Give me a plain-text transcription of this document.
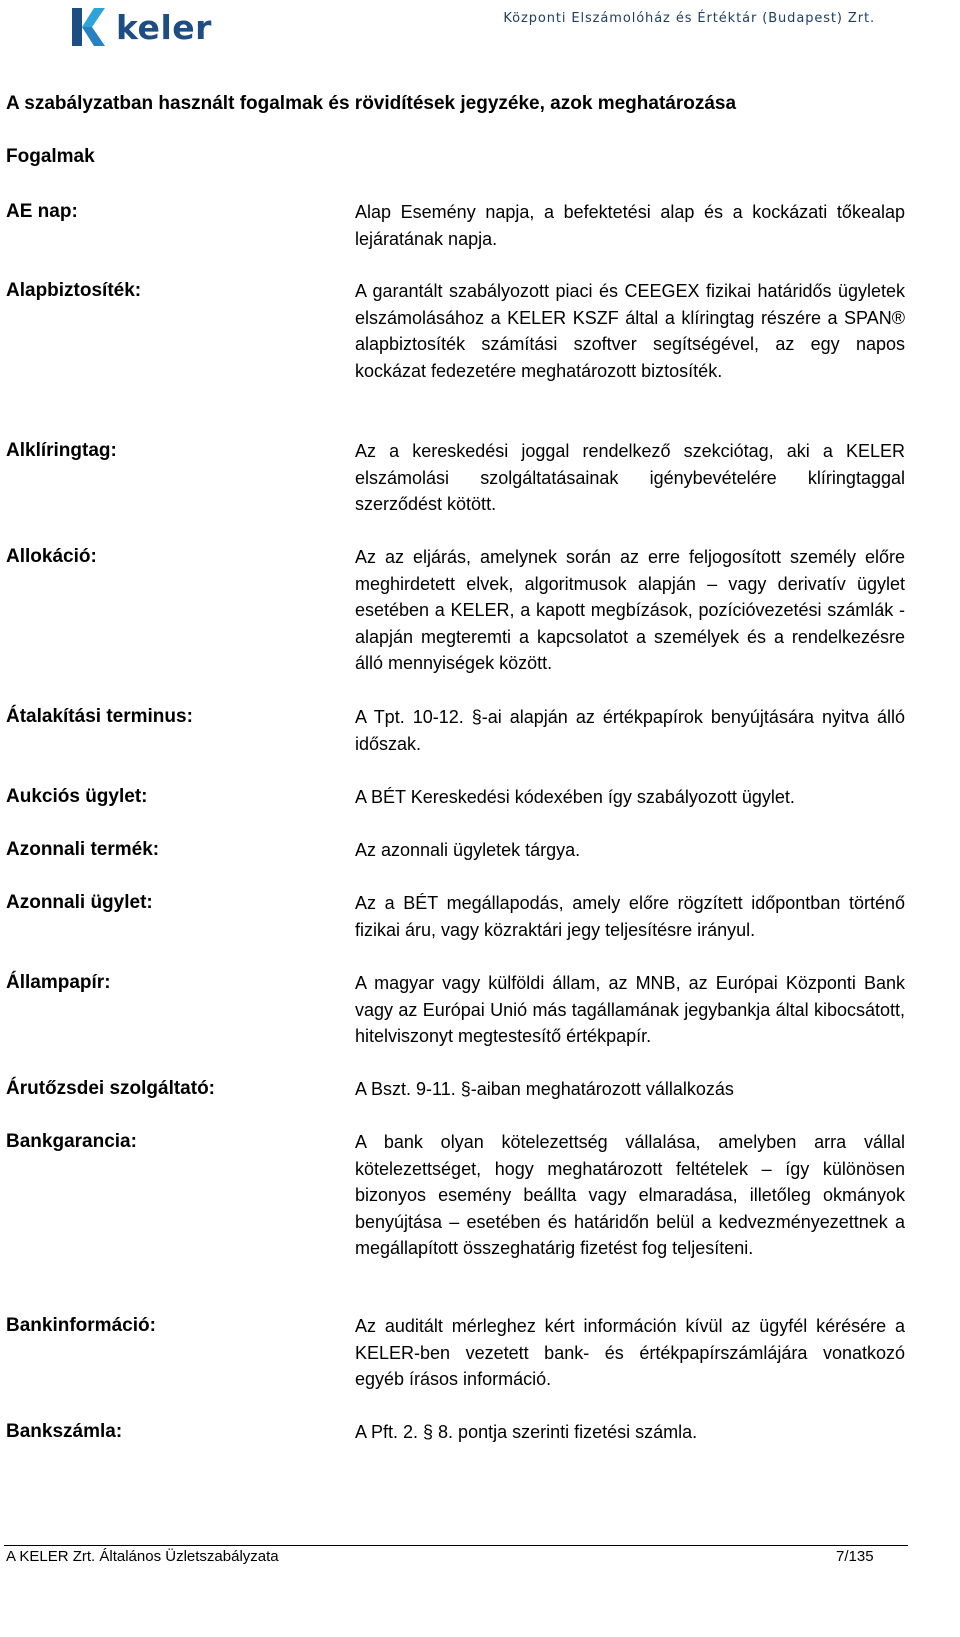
keler	Központi Elszámolóház és Értéktár (Budapest) Zrt.
A szabályzatban használt fogalmak és rövidítések jegyzéke, azok meghatározása
Fogalmak
AE nap:	Alap Esemény napja, a befektetési alap és a kockázati tőkealap lejáratának napja.
Alapbiztosíték:	A garantált szabályozott piaci és CEEGEX fizikai határidős ügyletek elszámolásához a KELER KSZF által a klíringtag részére a SPAN® alapbiztosíték számítási szoftver segítségével, az egy napos kockázat fedezetére meghatározott biztosíték.
Alklíringtag:	Az a kereskedési joggal rendelkező szekciótag, aki a KELER elszámolási szolgáltatásainak igénybevételére klíringtaggal szerződést kötött.
Allokáció:	Az az eljárás, amelynek során az erre feljogosított személy előre meghirdetett elvek, algoritmusok alapján – vagy derivatív ügylet esetében a KELER, a kapott megbízások, pozícióvezetési számlák - alapján megteremti a kapcsolatot a személyek és a rendelkezésre álló mennyiségek között.
Átalakítási terminus:	A Tpt. 10-12. §-ai alapján az értékpapírok benyújtására nyitva álló időszak.
Aukciós ügylet:	A BÉT Kereskedési kódexében így szabályozott ügylet.
Azonnali termék:	Az azonnali ügyletek tárgya.
Azonnali ügylet:	Az a BÉT megállapodás, amely előre rögzített időpontban történő fizikai áru, vagy közraktári jegy teljesítésre irányul.
Állampapír:	A magyar vagy külföldi állam, az MNB, az Európai Központi Bank vagy az Európai Unió más tagállamának jegybankja által kibocsátott, hitelviszonyt megtestesítő értékpapír.
Árutőzsdei szolgáltató:	A Bszt. 9-11. §-aiban meghatározott vállalkozás
Bankgarancia:	A bank olyan kötelezettség vállalása, amelyben arra vállal kötelezettséget, hogy meghatározott feltételek – így különösen bizonyos esemény beállta vagy elmaradása, illetőleg okmányok benyújtása – esetében és határidőn belül a kedvezményezettnek a megállapított összeghatárig fizetést fog teljesíteni.
Bankinformáció:	Az auditált mérleghez kért információn kívül az ügyfél kérésére a KELER-ben vezetett bank- és értékpapírszámlájára vonatkozó egyéb írásos információ.
Bankszámla:	A Pft. 2. § 8. pontja szerinti fizetési számla.
A KELER Zrt. Általános Üzletszabályzata	7/135
